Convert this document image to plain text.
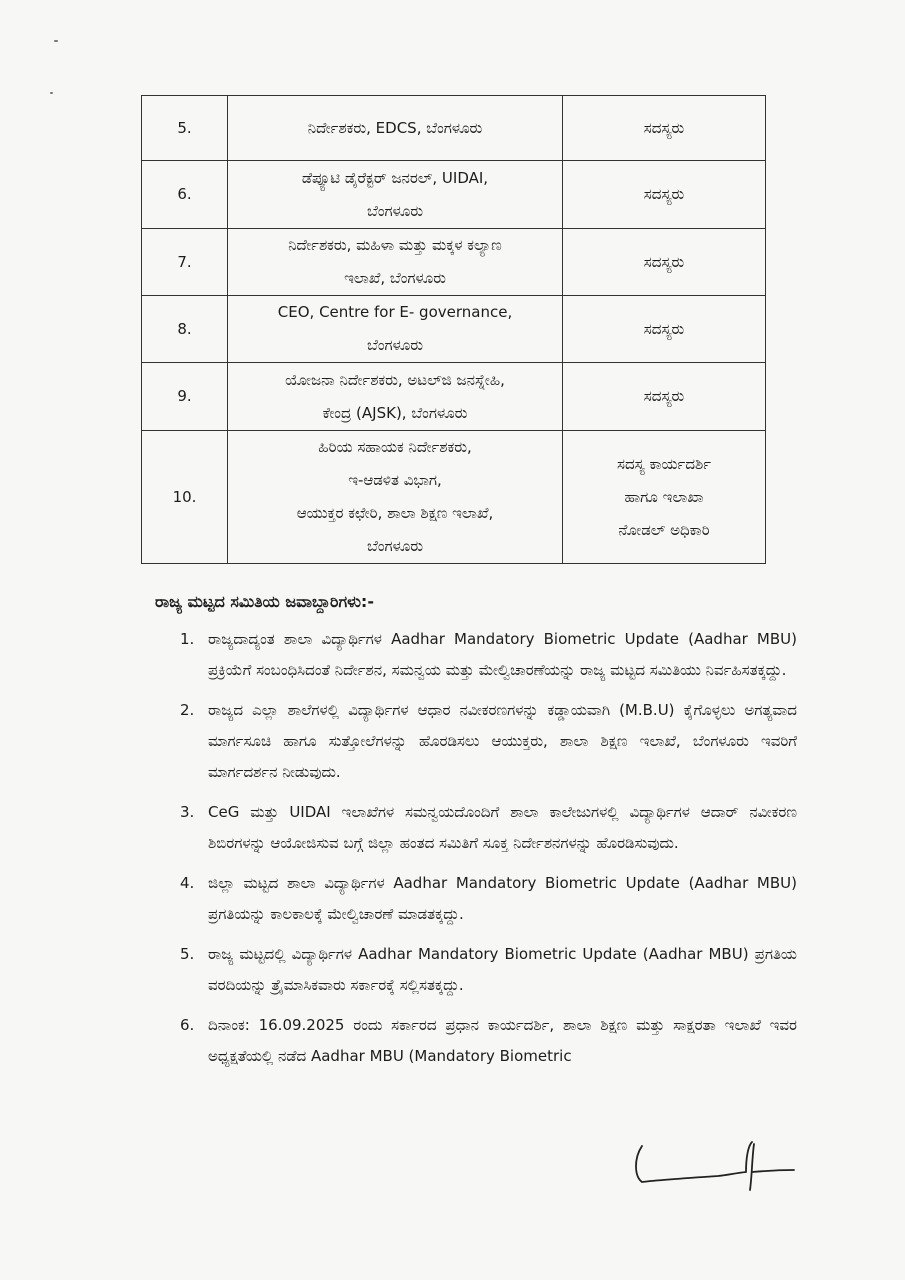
5.	ನಿರ್ದೇಶಕರು, EDCS, ಬೆಂಗಳೂರು	ಸದಸ್ಯರು

6.	ಡೆಪ್ಯೂಟಿ ಡೈರೆಕ್ಟರ್ ಜನರಲ್, UIDAI,
ಬೆಂಗಳೂರು	ಸದಸ್ಯರು

7.	ನಿರ್ದೇಶಕರು, ಮಹಿಳಾ ಮತ್ತು ಮಕ್ಕಳ ಕಲ್ಯಾಣ
ಇಲಾಖೆ, ಬೆಂಗಳೂರು	ಸದಸ್ಯರು

8.	CEO, Centre for E- governance,
ಬೆಂಗಳೂರು	ಸದಸ್ಯರು

9.	ಯೋಜನಾ ನಿರ್ದೇಶಕರು, ಅಟಲ್‌ಜಿ ಜನಸ್ನೇಹಿ,
ಕೇಂದ್ರ (AJSK), ಬೆಂಗಳೂರು	ಸದಸ್ಯರು

10.	ಹಿರಿಯ ಸಹಾಯಕ ನಿರ್ದೇಶಕರು,
ಇ-ಆಡಳಿತ ವಿಭಾಗ,
ಆಯುಕ್ತರ ಕಛೇರಿ, ಶಾಲಾ ಶಿಕ್ಷಣ ಇಲಾಖೆ,
ಬೆಂಗಳೂರು	ಸದಸ್ಯ ಕಾರ್ಯದರ್ಶಿ
ಹಾಗೂ ಇಲಾಖಾ
ನೋಡಲ್ ಅಧಿಕಾರಿ
ರಾಜ್ಯ ಮಟ್ಟದ ಸಮಿತಿಯ ಜವಾಬ್ದಾರಿಗಳು:-
1. ರಾಜ್ಯದಾದ್ಯಂತ ಶಾಲಾ ವಿದ್ಯಾರ್ಥಿಗಳ Aadhar Mandatory Biometric Update (Aadhar MBU) ಪ್ರಕ್ರಿಯೆಗೆ ಸಂಬಂಧಿಸಿದಂತೆ ನಿರ್ದೇಶನ, ಸಮನ್ವಯ ಮತ್ತು ಮೇಲ್ವಿಚಾರಣೆಯನ್ನು ರಾಜ್ಯ ಮಟ್ಟದ ಸಮಿತಿಯು ನಿರ್ವಹಿಸತಕ್ಕದ್ದು.
2. ರಾಜ್ಯದ ಎಲ್ಲಾ ಶಾಲೆಗಳಲ್ಲಿ ವಿದ್ಯಾರ್ಥಿಗಳ ಆಧಾರ ನವೀಕರಣಗಳನ್ನು ಕಡ್ಡಾಯವಾಗಿ (M.B.U) ಕೈಗೊಳ್ಳಲು ಅಗತ್ಯವಾದ ಮಾರ್ಗಸೂಚಿ ಹಾಗೂ ಸುತ್ತೋಲೆಗಳನ್ನು ಹೊರಡಿಸಲು ಆಯುಕ್ತರು, ಶಾಲಾ ಶಿಕ್ಷಣ ಇಲಾಖೆ, ಬೆಂಗಳೂರು ಇವರಿಗೆ ಮಾರ್ಗದರ್ಶನ ನೀಡುವುದು.
3. CeG ಮತ್ತು UIDAI ಇಲಾಖೆಗಳ ಸಮನ್ವಯದೊಂದಿಗೆ ಶಾಲಾ ಕಾಲೇಜುಗಳಲ್ಲಿ ವಿದ್ಯಾರ್ಥಿಗಳ ಆದಾರ್ ನವೀಕರಣ ಶಿಬಿರಗಳನ್ನು ಆಯೋಜಿಸುವ ಬಗ್ಗೆ ಜಿಲ್ಲಾ ಹಂತದ ಸಮಿತಿಗೆ ಸೂಕ್ತ ನಿರ್ದೇಶನಗಳನ್ನು ಹೊರಡಿಸುವುದು.
4. ಜಿಲ್ಲಾ ಮಟ್ಟದ ಶಾಲಾ ವಿದ್ಯಾರ್ಥಿಗಳ Aadhar Mandatory Biometric Update (Aadhar MBU) ಪ್ರಗತಿಯನ್ನು ಕಾಲಕಾಲಕ್ಕೆ ಮೇಲ್ವಿಚಾರಣೆ ಮಾಡತಕ್ಕದ್ದು.
5. ರಾಜ್ಯ ಮಟ್ಟದಲ್ಲಿ ವಿದ್ಯಾರ್ಥಿಗಳ Aadhar Mandatory Biometric Update (Aadhar MBU) ಪ್ರಗತಿಯ ವರದಿಯನ್ನು ತ್ರೈಮಾಸಿಕವಾರು ಸರ್ಕಾರಕ್ಕೆ ಸಲ್ಲಿಸತಕ್ಕದ್ದು.
6. ದಿನಾಂಕ: 16.09.2025 ರಂದು ಸರ್ಕಾರದ ಪ್ರಧಾನ ಕಾರ್ಯದರ್ಶಿ, ಶಾಲಾ ಶಿಕ್ಷಣ ಮತ್ತು ಸಾಕ್ಷರತಾ ಇಲಾಖೆ ಇವರ ಅಧ್ಯಕ್ಷತೆಯಲ್ಲಿ ನಡೆದ Aadhar MBU (Mandatory Biometric
